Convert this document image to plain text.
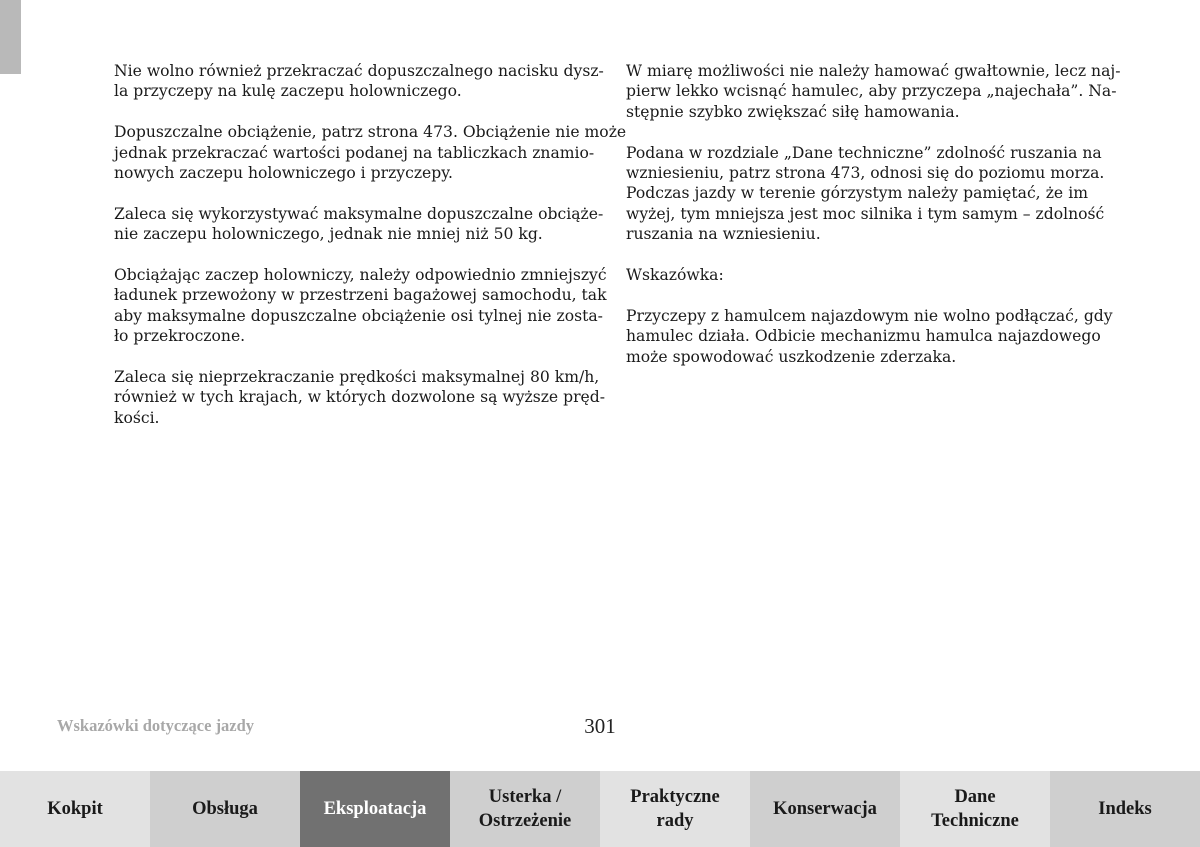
Nie wolno również przekraczać dopuszczalnego nacisku dysz-
la przyczepy na kulę zaczepu holowniczego.

Dopuszczalne obciążenie, patrz strona 473. Obciążenie nie może
jednak przekraczać wartości podanej na tabliczkach znamio-
nowych zaczepu holowniczego i przyczepy.

Zaleca się wykorzystywać maksymalne dopuszczalne obciąże-
nie zaczepu holowniczego, jednak nie mniej niż 50 kg.

Obciążając zaczep holowniczy, należy odpowiednio zmniejszyć
ładunek przewożony w przestrzeni bagażowej samochodu, tak
aby maksymalne dopuszczalne obciążenie osi tylnej nie zosta-
ło przekroczone.

Zaleca się nieprzekraczanie prędkości maksymalnej 80 km/h,
również w tych krajach, w których dozwolone są wyższe pręd-
kości.

W miarę możliwości nie należy hamować gwałtownie, lecz naj-
pierw lekko wcisnąć hamulec, aby przyczepa „najechała”. Na-
stępnie szybko zwiększać siłę hamowania.

Podana w rozdziale „Dane techniczne” zdolność ruszania na
wzniesieniu, patrz strona 473, odnosi się do poziomu morza.
Podczas jazdy w terenie górzystym należy pamiętać, że im
wyżej, tym mniejsza jest moc silnika i tym samym – zdolność
ruszania na wzniesieniu.

Wskazówka:

Przyczepy z hamulcem najazdowym nie wolno podłączać, gdy
hamulec działa. Odbicie mechanizmu hamulca najazdowego
może spowodować uszkodzenie zderzaka.

Wskazówki dotyczące jazdy	301
Kokpit	Obsługa	Eksploatacja
Usterka /
Ostrzeżenie
Praktyczne
rady
Konserwacja
Dane
Techniczne
Indeks
